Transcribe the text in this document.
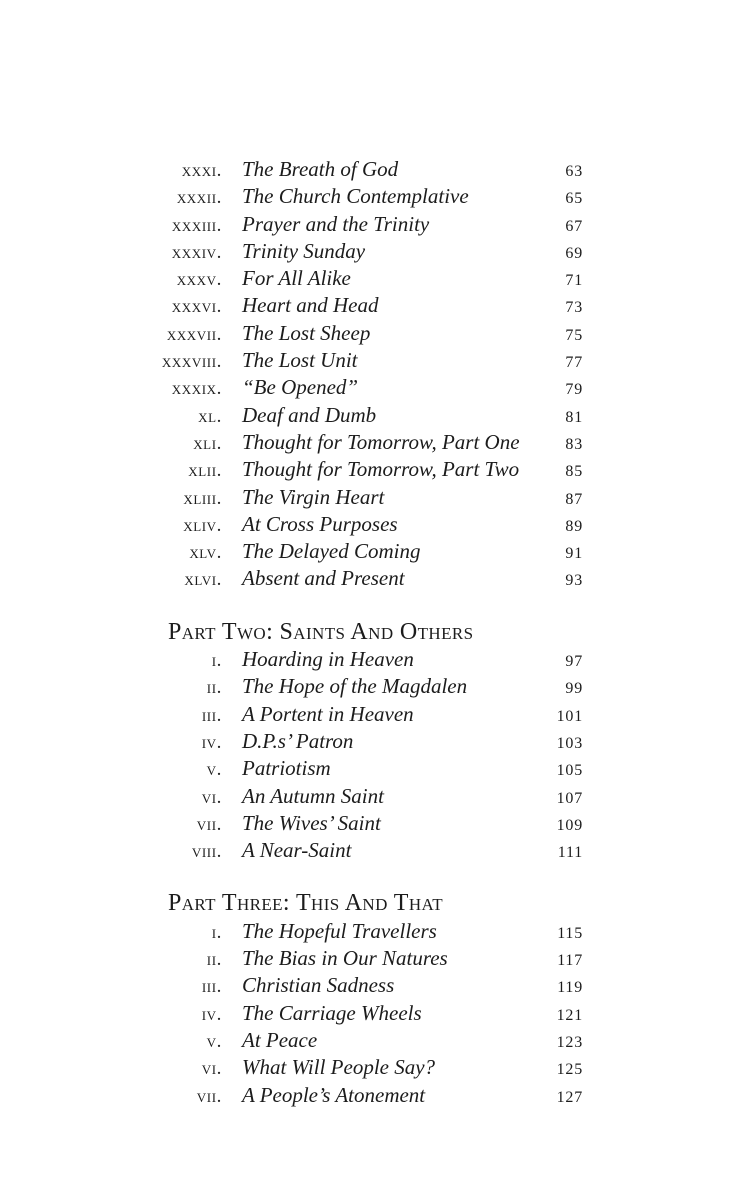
xxxi. The Breath of God	63
xxxii. The Church Contemplative	65
xxxiii. Prayer and the Trinity	67
xxxiv. Trinity Sunday	69
xxxv. For All Alike	71
xxxvi. Heart and Head	73
xxxvii. The Lost Sheep	75
xxxviii. The Lost Unit	77
xxxix. “Be Opened”	79
xl. Deaf and Dumb	81
xli. Thought for Tomorrow, Part One	83
xlii. Thought for Tomorrow, Part Two	85
xliii. The Virgin Heart	87
xliv. At Cross Purposes	89
xlv. The Delayed Coming	91
xlvi. Absent and Present	93
Part Two: Saints And Others
i. Hoarding in Heaven	97
ii. The Hope of the Magdalen	99
iii. A Portent in Heaven	101
iv. D.P.s’ Patron	103
v. Patriotism	105
vi. An Autumn Saint	107
vii. The Wives’ Saint	109
viii. A Near-Saint	111
Part Three: This And That
i. The Hopeful Travellers	115
ii. The Bias in Our Natures	117
iii. Christian Sadness	119
iv. The Carriage Wheels	121
v. At Peace	123
vi. What Will People Say?	125
vii. A People’s Atonement	127
